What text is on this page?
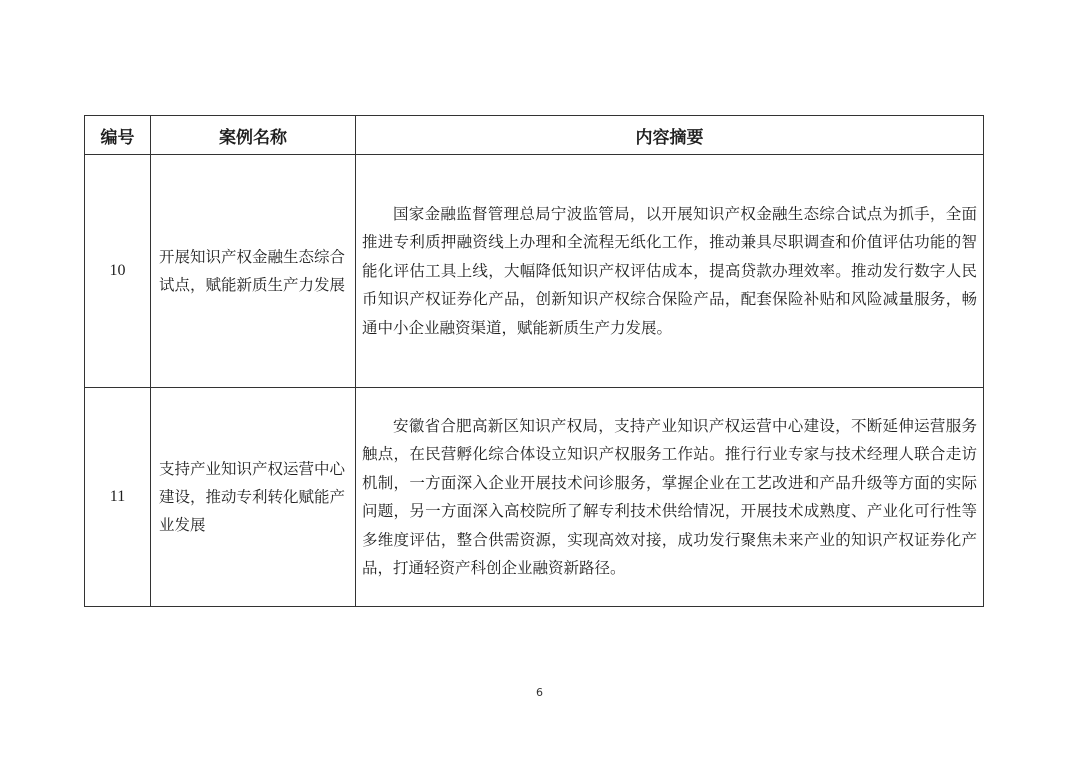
编号	案例名称	内容摘要
10	开展知识产权金融生态综合试点，赋能新质生产力发展	国家金融监督管理总局宁波监管局，以开展知识产权金融生态综合试点为抓手，全面推进专利质押融资线上办理和全流程无纸化工作，推动兼具尽职调查和价值评估功能的智能化评估工具上线，大幅降低知识产权评估成本，提高贷款办理效率。推动发行数字人民币知识产权证券化产品，创新知识产权综合保险产品，配套保险补贴和风险减量服务，畅通中小企业融资渠道，赋能新质生产力发展。

11	支持产业知识产权运营中心建设，推动专利转化赋能产业发展	安徽省合肥高新区知识产权局，支持产业知识产权运营中心建设，不断延伸运营服务触点，在民营孵化综合体设立知识产权服务工作站。推行行业专家与技术经理人联合走访机制，一方面深入企业开展技术问诊服务，掌握企业在工艺改进和产品升级等方面的实际问题，另一方面深入高校院所了解专利技术供给情况，开展技术成熟度、产业化可行性等多维度评估，整合供需资源，实现高效对接，成功发行聚焦未来产业的知识产权证券化产品，打通轻资产科创企业融资新路径。
6
